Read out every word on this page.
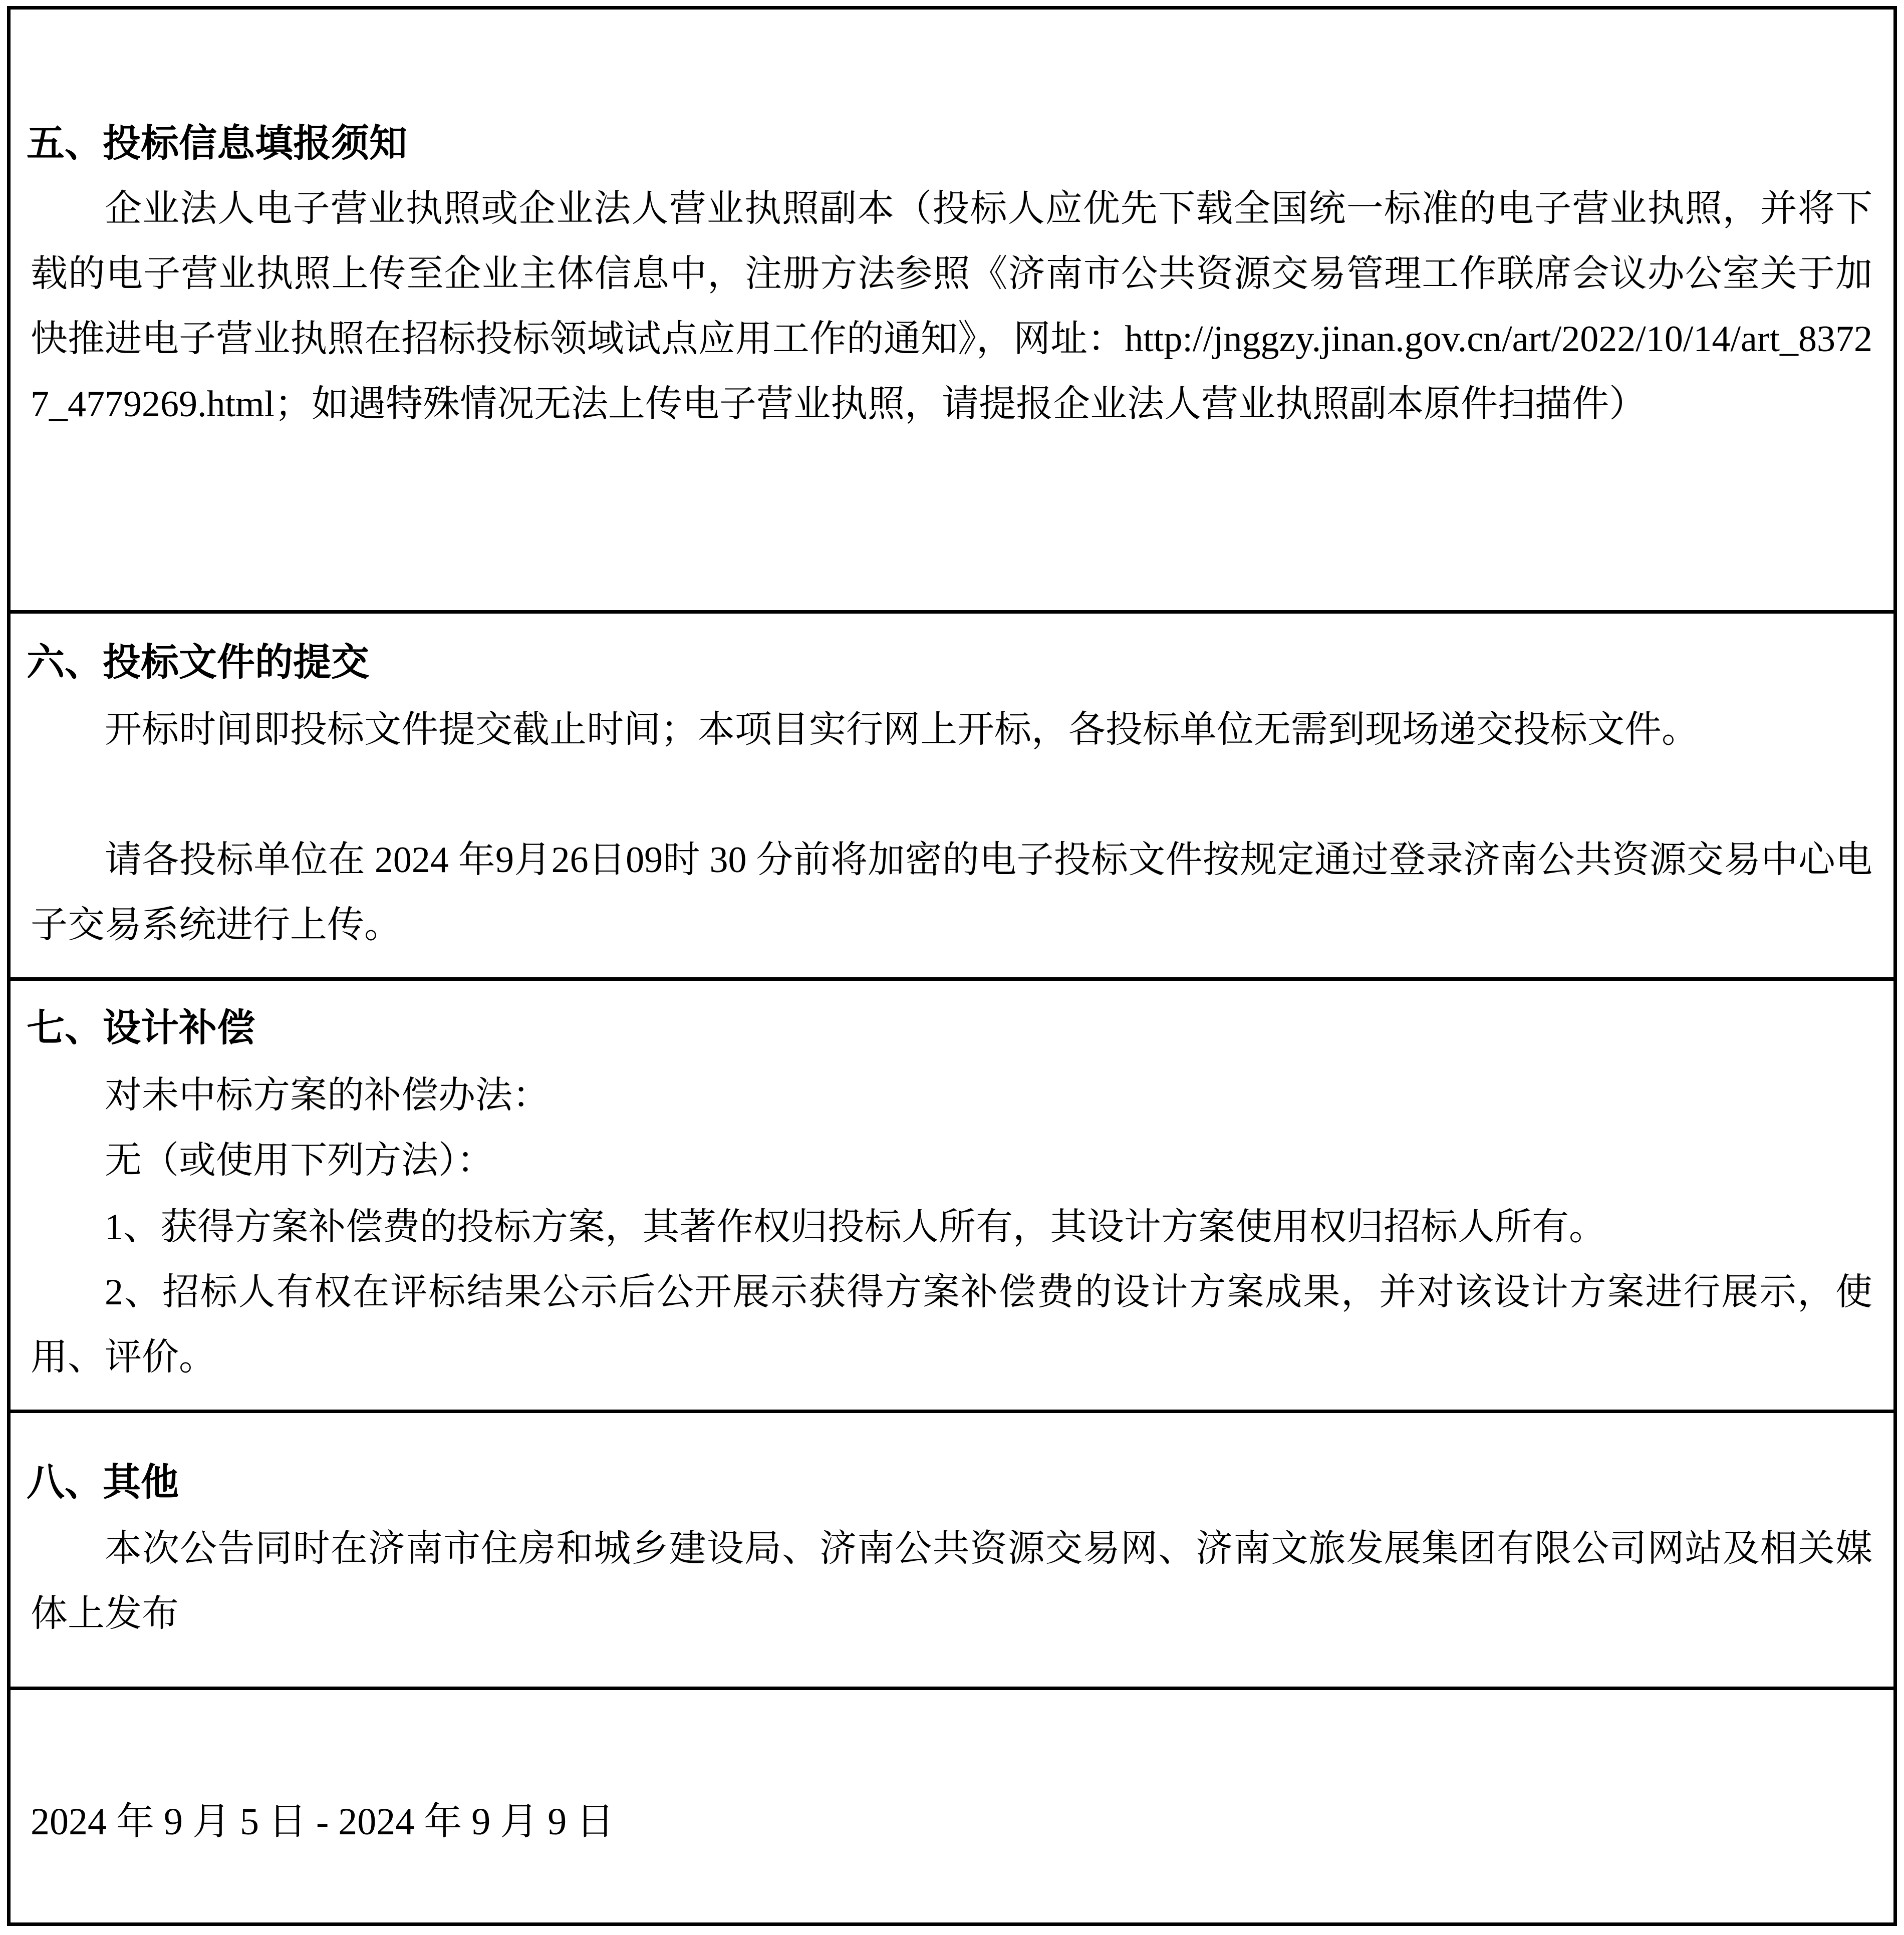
五、投标信息填报须知
企业法人电子营业执照或企业法人营业执照副本（投标人应优先下载全国统一标准的电子营业执照，并将下载的电子营业执照上传至企业主体信息中，注册方法参照《济南市公共资源交易管理工作联席会议办公室关于加快推进电子营业执照在招标投标领域试点应用工作的通知》，网址：http://jnggzy.jinan.gov.cn/art/2022/10/14/art_83727_4779269.html；如遇特殊情况无法上传电子营业执照，请提报企业法人营业执照副本原件扫描件）
六、投标文件的提交
开标时间即投标文件提交截止时间；本项目实行网上开标，各投标单位无需到现场递交投标文件。
请各投标单位在 2024 年9月26日09时 30 分前将加密的电子投标文件按规定通过登录济南公共资源交易中心电子交易系统进行上传。
七、设计补偿
对未中标方案的补偿办法：
无（或使用下列方法）：
1、获得方案补偿费的投标方案，其著作权归投标人所有，其设计方案使用权归招标人所有。
2、招标人有权在评标结果公示后公开展示获得方案补偿费的设计方案成果，并对该设计方案进行展示，使用、评价。
八、其他
本次公告同时在济南市住房和城乡建设局、济南公共资源交易网、济南文旅发展集团有限公司网站及相关媒体上发布
2024 年 9 月 5 日 - 2024 年 9 月 9 日
